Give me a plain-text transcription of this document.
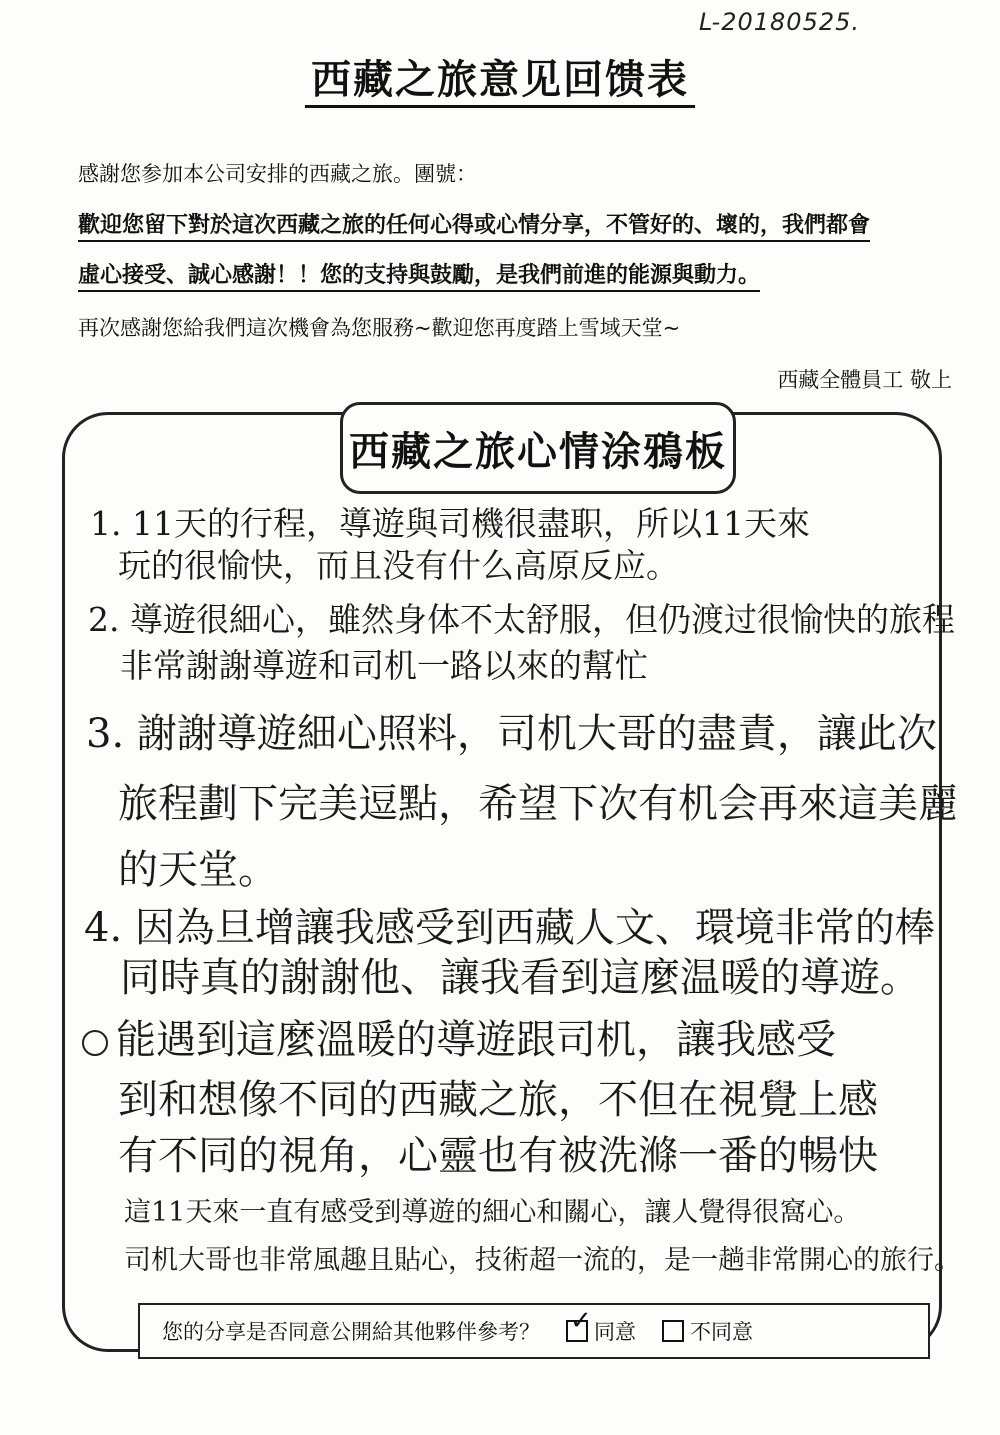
L-20180525.
西藏之旅意见回馈表
感謝您参加本公司安排的西藏之旅。團號：
歡迎您留下對於這次西藏之旅的任何心得或心情分享，不管好的、壞的，我們都會
虛心接受、誠心感謝！！您的支持與鼓勵，是我們前進的能源與動力。
再次感謝您給我們這次機會為您服務~歡迎您再度踏上雪域天堂~
西藏全體員工 敬上
西藏之旅心情涂鴉板
1. 11天的行程，導遊與司機很盡职，所以11天來
玩的很愉快，而且没有什么高原反应。
2. 導遊很細心，雖然身体不太舒服，但仍渡过很愉快的旅程
非常謝謝導遊和司机一路以來的幫忙
3. 謝謝導遊細心照料，司机大哥的盡責，讓此次
旅程劃下完美逗點，希望下次有机会再來這美麗
的天堂。
4. 因為旦增讓我感受到西藏人文、環境非常的棒
同時真的謝謝他、讓我看到這麼温暖的導遊。
能遇到這麼溫暖的導遊跟司机，讓我感受
到和想像不同的西藏之旅，不但在視覺上感
有不同的視角，心靈也有被洗滌一番的暢快
這11天來一直有感受到導遊的細心和關心，讓人覺得很窩心。
司机大哥也非常風趣且貼心，技術超一流的，是一趟非常開心的旅行。
您的分享是否同意公開給其他夥伴參考？ ✓ 同意	不同意
